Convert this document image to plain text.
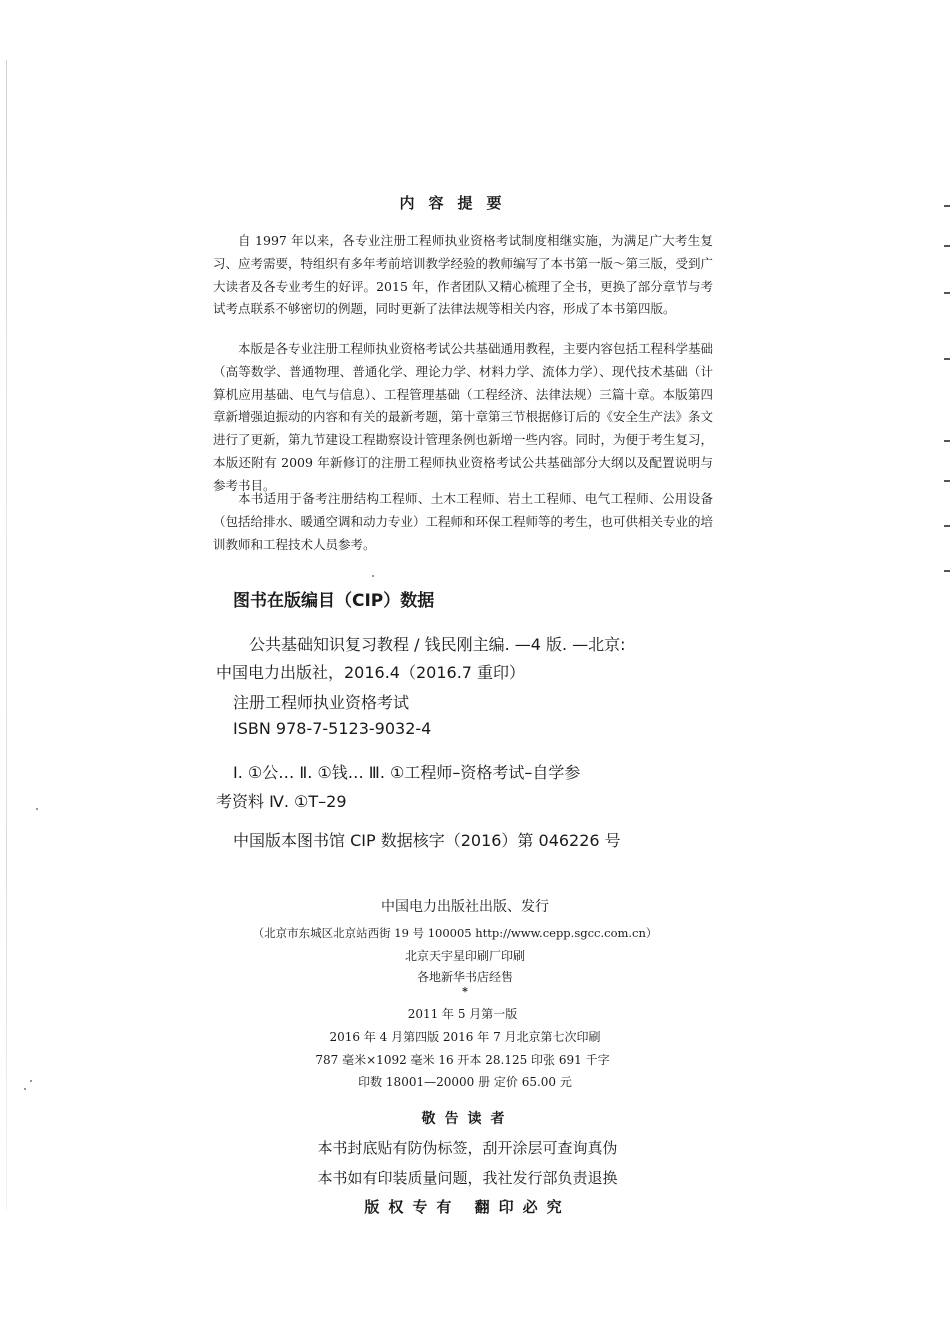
内容提要

自 1997 年以来，各专业注册工程师执业资格考试制度相继实施，为满足广大考生复习、应考需要，特组织有多年考前培训教学经验的教师编写了本书第一版～第三版，受到广大读者及各专业考生的好评。2015 年，作者团队又精心梳理了全书，更换了部分章节与考试考点联系不够密切的例题，同时更新了法律法规等相关内容，形成了本书第四版。

本版是各专业注册工程师执业资格考试公共基础通用教程，主要内容包括工程科学基础（高等数学、普通物理、普通化学、理论力学、材料力学、流体力学）、现代技术基础（计算机应用基础、电气与信息）、工程管理基础（工程经济、法律法规）三篇十章。本版第四章新增强迫振动的内容和有关的最新考题，第十章第三节根据修订后的《安全生产法》条文进行了更新，第九节建设工程勘察设计管理条例也新增一些内容。同时，为便于考生复习，本版还附有 2009 年新修订的注册工程师执业资格考试公共基础部分大纲以及配置说明与参考书目。

本书适用于备考注册结构工程师、土木工程师、岩土工程师、电气工程师、公用设备（包括给排水、暖通空调和动力专业）工程师和环保工程师等的考生，也可供相关专业的培训教师和工程技术人员参考。

图书在版编目（CIP）数据
公共基础知识复习教程 / 钱民刚主编. —4 版. —北京:
中国电力出版社，2016.4（2016.7 重印）
注册工程师执业资格考试
ISBN 978-7-5123-9032-4
Ⅰ. ①公… Ⅱ. ①钱… Ⅲ. ①工程师–资格考试–自学参
考资料 Ⅳ. ①T–29
中国版本图书馆 CIP 数据核字（2016）第 046226 号
中国电力出版社出版、发行
（北京市东城区北京站西街 19 号 100005 http://www.cepp.sgcc.com.cn）
北京天宇星印刷厂印刷
各地新华书店经售
*
2011 年 5 月第一版
2016 年 4 月第四版 2016 年 7 月北京第七次印刷
787 毫米×1092 毫米 16 开本 28.125 印张 691 千字
印数 18001—20000 册 定价 65.00 元
敬告读者
本书封底贴有防伪标签，刮开涂层可查询真伪
本书如有印装质量问题，我社发行部负责退换
版权专有 翻印必究
